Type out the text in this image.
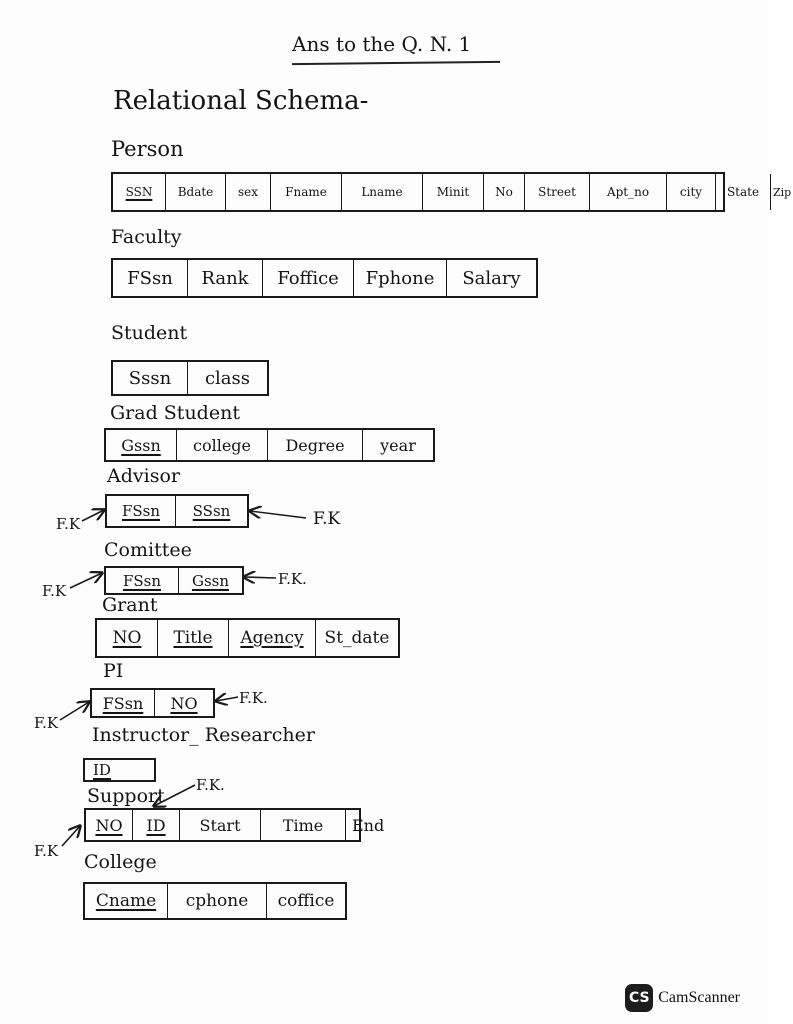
Ans to the Q. N. 1
Relational Schema-
Person
Faculty
Student
Grad Student
Advisor
Comittee
Grant
PI
Instructor_ Researcher
Support
College
SSN	Bdate	sex	Fname	Lname	Minit	No	Street	Apt_no	city	State	Zip
FSsn	Rank	Foffice	Fphone	Salary
Sssn	class
Gssn	college	Degree	year
FSsn	SSsn
F.K	F.K
FSsn	Gssn
F.K
F.K.
NO	Title	Agency	St_date
FSsn	NO
F.K
F.K.
ID
NO	ID	Start	Time	End
F.K
F.K.
Cname	cphone	coffice
CS CamScanner
